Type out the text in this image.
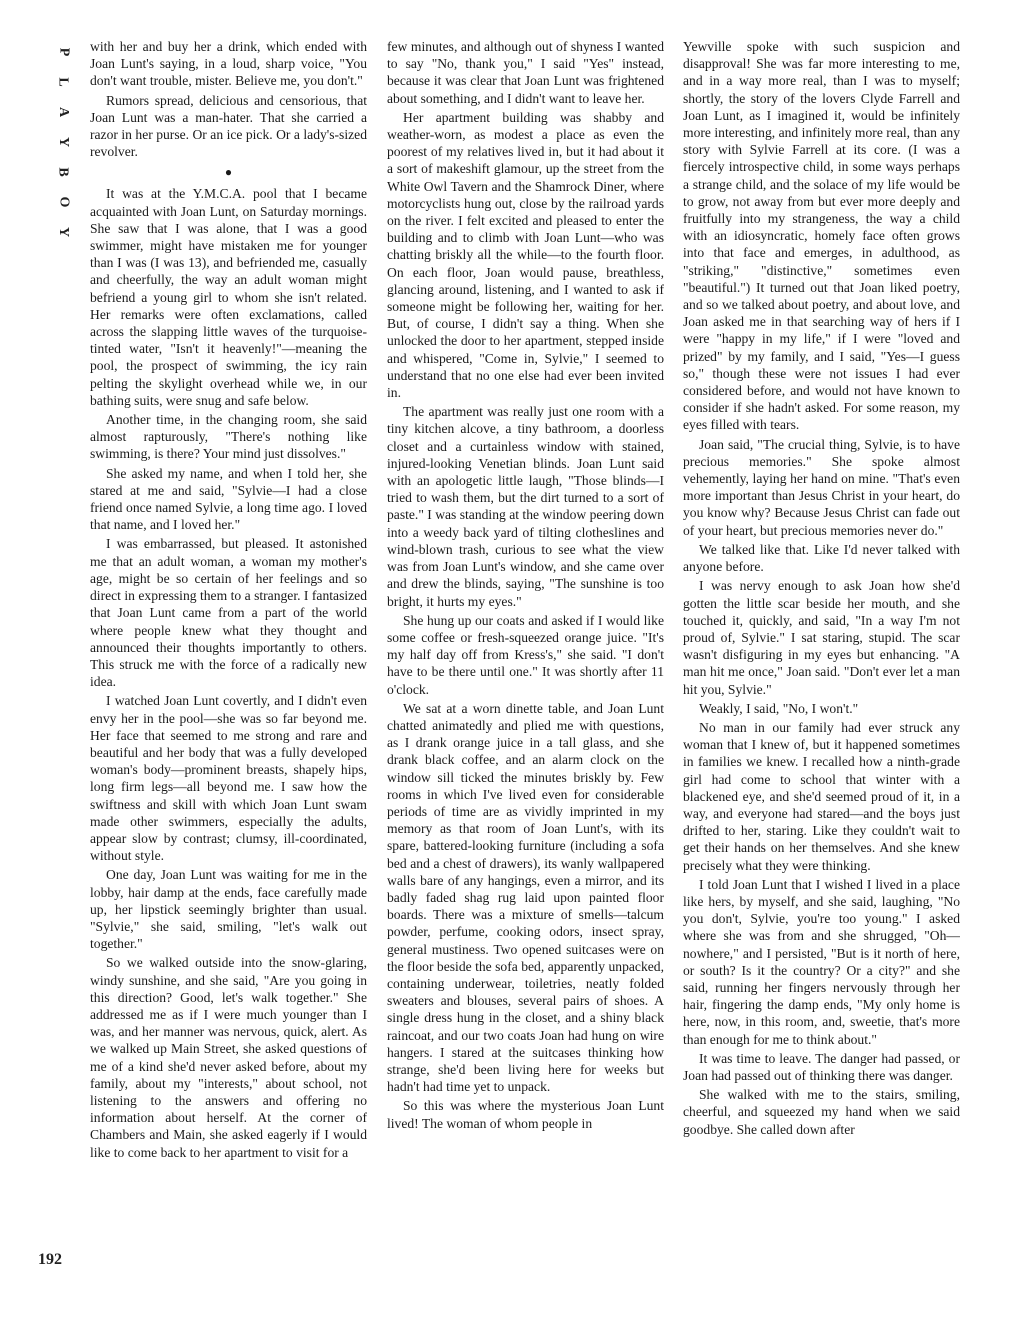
P
L
A
Y
B
O
Y
192

with her and buy her a drink, which ended with Joan Lunt's saying, in a loud, sharp voice, "You don't want trouble, mister. Believe me, you don't."

Rumors spread, delicious and censorious, that Joan Lunt was a man-hater. That she carried a razor in her purse. Or an ice pick. Or a lady's-sized revolver.

●

It was at the Y.M.C.A. pool that I became acquainted with Joan Lunt, on Saturday mornings. She saw that I was alone, that I was a good swimmer, might have mistaken me for younger than I was (I was 13), and befriended me, casually and cheerfully, the way an adult woman might befriend a young girl to whom she isn't related. Her remarks were often exclamations, called across the slapping little waves of the turquoise-tinted water, "Isn't it heavenly!"—meaning the pool, the prospect of swimming, the icy rain pelting the skylight overhead while we, in our bathing suits, were snug and safe below.

Another time, in the changing room, she said almost rapturously, "There's nothing like swimming, is there? Your mind just dissolves."

She asked my name, and when I told her, she stared at me and said, "Sylvie—I had a close friend once named Sylvie, a long time ago. I loved that name, and I loved her."

I was embarrassed, but pleased. It astonished me that an adult woman, a woman my mother's age, might be so certain of her feelings and so direct in expressing them to a stranger. I fantasized that Joan Lunt came from a part of the world where people knew what they thought and announced their thoughts importantly to others. This struck me with the force of a radically new idea.

I watched Joan Lunt covertly, and I didn't even envy her in the pool—she was so far beyond me. Her face that seemed to me strong and rare and beautiful and her body that was a fully developed woman's body—prominent breasts, shapely hips, long firm legs—all beyond me. I saw how the swiftness and skill with which Joan Lunt swam made other swimmers, especially the adults, appear slow by contrast; clumsy, ill-coordinated, without style.

One day, Joan Lunt was waiting for me in the lobby, hair damp at the ends, face carefully made up, her lipstick seemingly brighter than usual. "Sylvie," she said, smiling, "let's walk out together."

So we walked outside into the snow-glaring, windy sunshine, and she said, "Are you going in this direction? Good, let's walk together." She addressed me as if I were much younger than I was, and her manner was nervous, quick, alert. As we walked up Main Street, she asked questions of me of a kind she'd never asked before, about my family, about my "interests," about school, not listening to the answers and offering no information about herself. At the corner of Chambers and Main, she asked eagerly if I would like to come back to her apartment to visit for a

few minutes, and although out of shyness I wanted to say "No, thank you," I said "Yes" instead, because it was clear that Joan Lunt was frightened about something, and I didn't want to leave her.

Her apartment building was shabby and weather-worn, as modest a place as even the poorest of my relatives lived in, but it had about it a sort of makeshift glamour, up the street from the White Owl Tavern and the Shamrock Diner, where motorcyclists hung out, close by the railroad yards on the river. I felt excited and pleased to enter the building and to climb with Joan Lunt—who was chatting briskly all the while—to the fourth floor. On each floor, Joan would pause, breathless, glancing around, listening, and I wanted to ask if someone might be following her, waiting for her. But, of course, I didn't say a thing. When she unlocked the door to her apartment, stepped inside and whispered, "Come in, Sylvie," I seemed to understand that no one else had ever been invited in.

The apartment was really just one room with a tiny kitchen alcove, a tiny bathroom, a doorless closet and a curtainless window with stained, injured-looking Venetian blinds. Joan Lunt said with an apologetic little laugh, "Those blinds—I tried to wash them, but the dirt turned to a sort of paste." I was standing at the window peering down into a weedy back yard of tilting clotheslines and wind-blown trash, curious to see what the view was from Joan Lunt's window, and she came over and drew the blinds, saying, "The sunshine is too bright, it hurts my eyes."

She hung up our coats and asked if I would like some coffee or fresh-squeezed orange juice. "It's my half day off from Kress's," she said. "I don't have to be there until one." It was shortly after 11 o'clock.

We sat at a worn dinette table, and Joan Lunt chatted animatedly and plied me with questions, as I drank orange juice in a tall glass, and she drank black coffee, and an alarm clock on the window sill ticked the minutes briskly by. Few rooms in which I've lived even for considerable periods of time are as vividly imprinted in my memory as that room of Joan Lunt's, with its spare, battered-looking furniture (including a sofa bed and a chest of drawers), its wanly wallpapered walls bare of any hangings, even a mirror, and its badly faded shag rug laid upon painted floor boards. There was a mixture of smells—talcum powder, perfume, cooking odors, insect spray, general mustiness. Two opened suitcases were on the floor beside the sofa bed, apparently unpacked, containing underwear, toiletries, neatly folded sweaters and blouses, several pairs of shoes. A single dress hung in the closet, and a shiny black raincoat, and our two coats Joan had hung on wire hangers. I stared at the suitcases thinking how strange, she'd been living here for weeks but hadn't had time yet to unpack.

So this was where the mysterious Joan Lunt lived! The woman of whom people in

Yewville spoke with such suspicion and disapproval! She was far more interesting to me, and in a way more real, than I was to myself; shortly, the story of the lovers Clyde Farrell and Joan Lunt, as I imagined it, would be infinitely more interesting, and infinitely more real, than any story with Sylvie Farrell at its core. (I was a fiercely introspective child, in some ways perhaps a strange child, and the solace of my life would be to grow, not away from but ever more deeply and fruitfully into my strangeness, the way a child with an idiosyncratic, homely face often grows into that face and emerges, in adulthood, as "striking," "distinctive," sometimes even "beautiful.") It turned out that Joan liked poetry, and so we talked about poetry, and about love, and Joan asked me in that searching way of hers if I were "happy in my life," if I were "loved and prized" by my family, and I said, "Yes—I guess so," though these were not issues I had ever considered before, and would not have known to consider if she hadn't asked. For some reason, my eyes filled with tears.

Joan said, "The crucial thing, Sylvie, is to have precious memories." She spoke almost vehemently, laying her hand on mine. "That's even more important than Jesus Christ in your heart, do you know why? Because Jesus Christ can fade out of your heart, but precious memories never do."

We talked like that. Like I'd never talked with anyone before.

I was nervy enough to ask Joan how she'd gotten the little scar beside her mouth, and she touched it, quickly, and said, "In a way I'm not proud of, Sylvie." I sat staring, stupid. The scar wasn't disfiguring in my eyes but enhancing. "A man hit me once," Joan said. "Don't ever let a man hit you, Sylvie."

Weakly, I said, "No, I won't."

No man in our family had ever struck any woman that I knew of, but it happened sometimes in families we knew. I recalled how a ninth-grade girl had come to school that winter with a blackened eye, and she'd seemed proud of it, in a way, and everyone had stared—and the boys just drifted to her, staring. Like they couldn't wait to get their hands on her themselves. And she knew precisely what they were thinking.

I told Joan Lunt that I wished I lived in a place like hers, by myself, and she said, laughing, "No you don't, Sylvie, you're too young." I asked where she was from and she shrugged, "Oh—nowhere," and I persisted, "But is it north of here, or south? Is it the country? Or a city?" and she said, running her fingers nervously through her hair, fingering the damp ends, "My only home is here, now, in this room, and, sweetie, that's more than enough for me to think about."

It was time to leave. The danger had passed, or Joan had passed out of thinking there was danger.

She walked with me to the stairs, smiling, cheerful, and squeezed my hand when we said goodbye. She called down after
